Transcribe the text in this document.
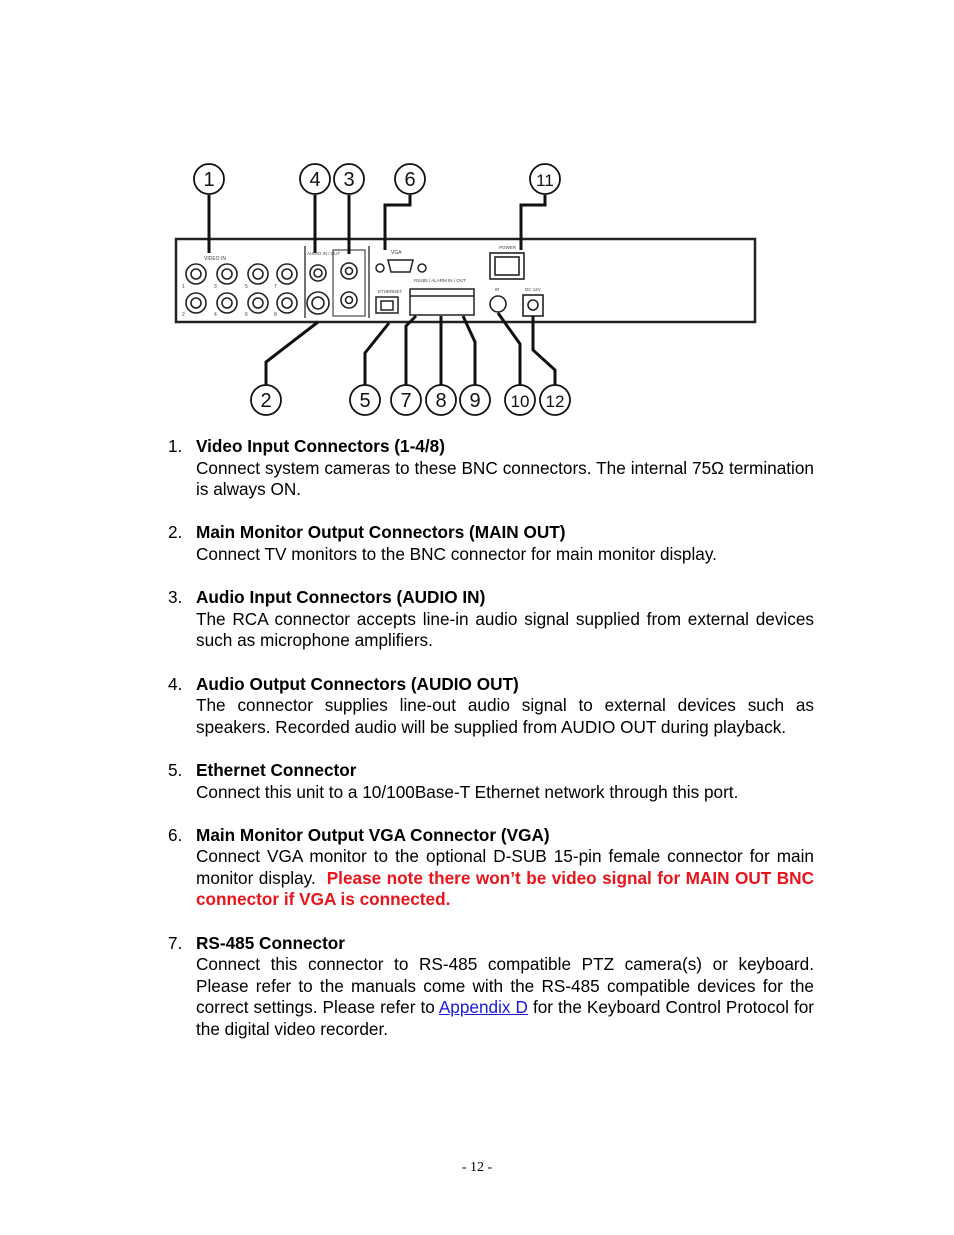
1	3	5	7
2	4	6	8
VIDEO IN
AUDIO IN / OUT	VGA
RS485 / ALARM IN / OUT
ETHERNET
POWER
IR	DC 12V
1	4 3 6	11
2	5 7 8 9 10 12
1. Video Input Connectors (1-4/8)
Connect system cameras to these BNC connectors. The internal 75Ω termination is always ON.
2. Main Monitor Output Connectors (MAIN OUT)
Connect TV monitors to the BNC connector for main monitor display.
3. Audio Input Connectors (AUDIO IN)
The RCA connector accepts line-in audio signal supplied from external devices such as microphone amplifiers.
4. Audio Output Connectors (AUDIO OUT)
The connector supplies line-out audio signal to external devices such as speakers. Recorded audio will be supplied from AUDIO OUT during playback.
5. Ethernet Connector
Connect this unit to a 10/100Base-T Ethernet network through this port.
6. Main Monitor Output VGA Connector (VGA)
Connect VGA monitor to the optional D-SUB 15-pin female connector for main monitor display. Please note there won’t be video signal for MAIN OUT BNC connector if VGA is connected.
7. RS-485 Connector
Connect this connector to RS-485 compatible PTZ camera(s) or keyboard. Please refer to the manuals come with the RS-485 compatible devices for the correct settings. Please refer to Appendix D for the Keyboard Control Protocol for the digital video recorder.
- 12 -
